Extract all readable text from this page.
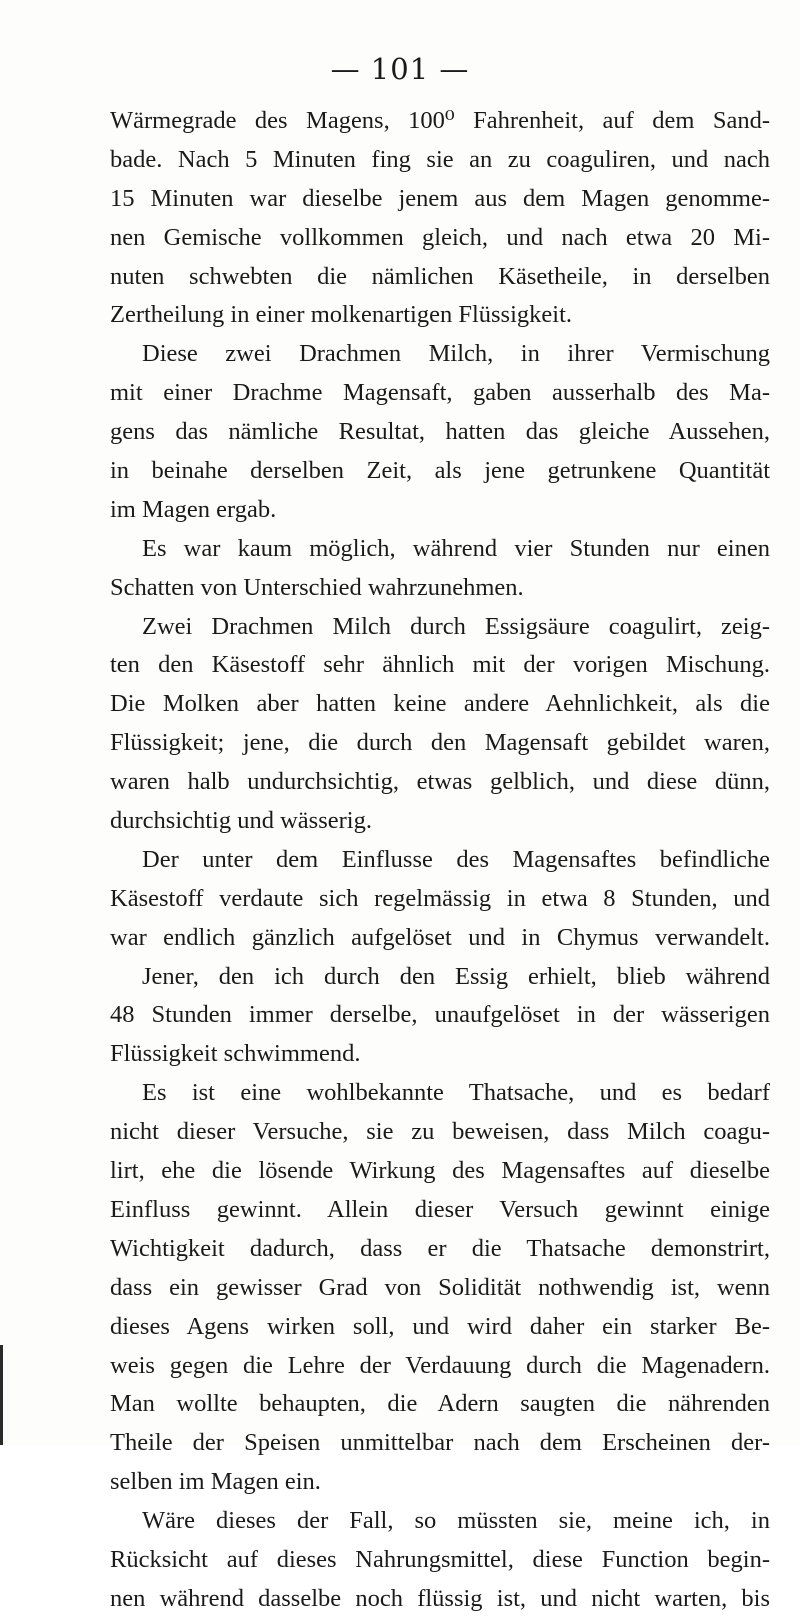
— 101 —
Wärmegrade des Magens, 100⁰ Fahrenheit, auf dem Sand-
bade. Nach 5 Minuten fing sie an zu coaguliren, und nach
15 Minuten war dieselbe jenem aus dem Magen genomme-
nen Gemische vollkommen gleich, und nach etwa 20 Mi-
nuten schwebten die nämlichen Käsetheile, in derselben
Zertheilung in einer molkenartigen Flüssigkeit.
Diese zwei Drachmen Milch, in ihrer Vermischung
mit einer Drachme Magensaft, gaben ausserhalb des Ma-
gens das nämliche Resultat, hatten das gleiche Aussehen,
in beinahe derselben Zeit, als jene getrunkene Quantität
im Magen ergab.
Es war kaum möglich, während vier Stunden nur einen
Schatten von Unterschied wahrzunehmen.
Zwei Drachmen Milch durch Essigsäure coagulirt, zeig-
ten den Käsestoff sehr ähnlich mit der vorigen Mischung.
Die Molken aber hatten keine andere Aehnlichkeit, als die
Flüssigkeit; jene, die durch den Magensaft gebildet waren,
waren halb undurchsichtig, etwas gelblich, und diese dünn,
durchsichtig und wässerig.
Der unter dem Einflusse des Magensaftes befindliche
Käsestoff verdaute sich regelmässig in etwa 8 Stunden, und
war endlich gänzlich aufgelöset und in Chymus verwandelt.
Jener, den ich durch den Essig erhielt, blieb während
48 Stunden immer derselbe, unaufgelöset in der wässerigen
Flüssigkeit schwimmend.
Es ist eine wohlbekannte Thatsache, und es bedarf
nicht dieser Versuche, sie zu beweisen, dass Milch coagu-
lirt, ehe die lösende Wirkung des Magensaftes auf dieselbe
Einfluss gewinnt. Allein dieser Versuch gewinnt einige
Wichtigkeit dadurch, dass er die Thatsache demonstrirt,
dass ein gewisser Grad von Solidität nothwendig ist, wenn
dieses Agens wirken soll, und wird daher ein starker Be-
weis gegen die Lehre der Verdauung durch die Magenadern.
Man wollte behaupten, die Adern saugten die nährenden
Theile der Speisen unmittelbar nach dem Erscheinen der-
selben im Magen ein.
Wäre dieses der Fall, so müssten sie, meine ich, in
Rücksicht auf dieses Nahrungsmittel, diese Function begin-
nen während dasselbe noch flüssig ist, und nicht warten, bis
